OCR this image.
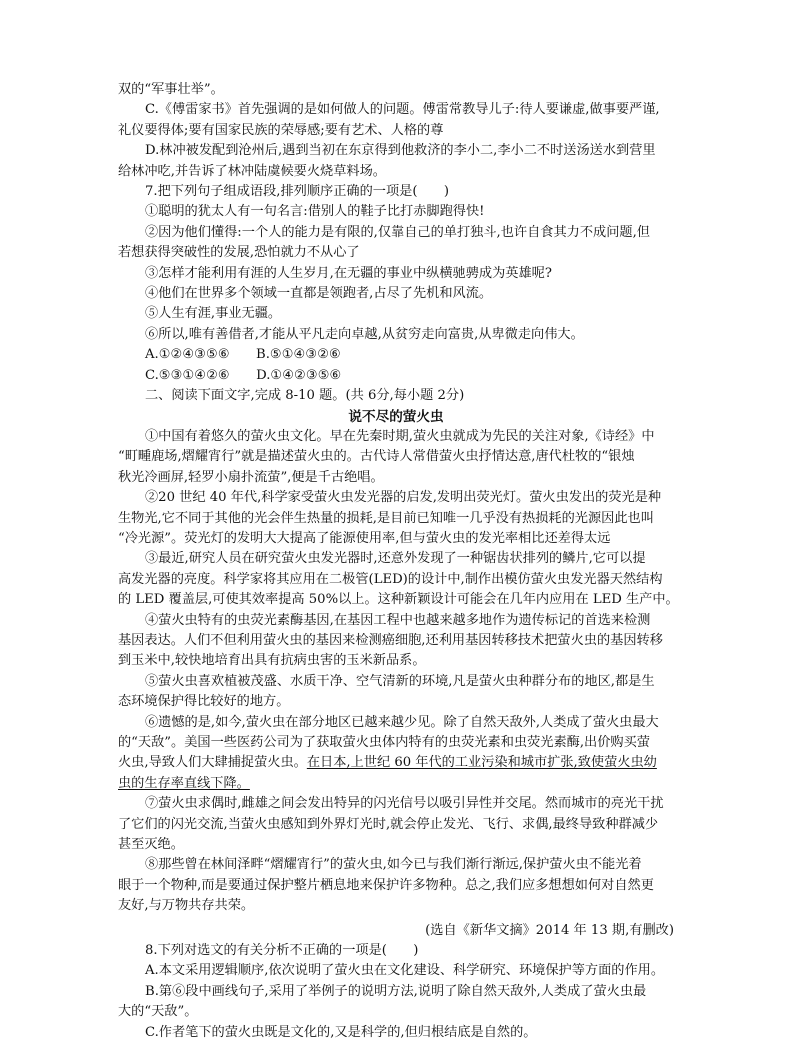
双的“军事壮举”。

C.《傅雷家书》首先强调的是如何做人的问题。傅雷常教导儿子:待人要谦虚,做事要严谨,

礼仪要得体;要有国家民族的荣辱感;要有艺术、人格的尊

D.林冲被发配到沧州后,遇到当初在东京得到他救济的李小二,李小二不时送汤送水到营里

给林冲吃,并告诉了林冲陆虞候要火烧草料场。

7.把下列句子组成语段,排列顺序正确的一项是(　　)

①聪明的犹太人有一句名言:借别人的鞋子比打赤脚跑得快!

②因为他们懂得:一个人的能力是有限的,仅靠自己的单打独斗,也许自食其力不成问题,但

若想获得突破性的发展,恐怕就力不从心了

③怎样才能利用有涯的人生岁月,在无疆的事业中纵横驰骋成为英雄呢?

④他们在世界多个领域一直都是领跑者,占尽了先机和风流。

⑤人生有涯,事业无疆。

⑥所以,唯有善借者,才能从平凡走向卓越,从贫穷走向富贵,从卑微走向伟大。

A.①②④③⑤⑥　　B.⑤①④③②⑥

C.⑤③①④②⑥　　D.①④②③⑤⑥

二、阅读下面文字,完成 8-10 题。(共 6分,每小题 2分)

说不尽的萤火虫

①中国有着悠久的萤火虫文化。早在先秦时期,萤火虫就成为先民的关注对象,《诗经》中

“町畽鹿场,熠耀宵行”就是描述萤火虫的。古代诗人常借萤火虫抒情达意,唐代杜牧的“银烛

秋光冷画屏,轻罗小扇扑流萤”,便是千古绝唱。

②20 世纪 40 年代,科学家受萤火虫发光器的启发,发明出荧光灯。萤火虫发出的荧光是种

生物光,它不同于其他的光会伴生热量的损耗,是目前已知唯一几乎没有热损耗的光源因此也叫

“冷光源”。荧光灯的发明大大提高了能源使用率,但与萤火虫的发光率相比还差得太远

③最近,研究人员在研究萤火虫发光器时,还意外发现了一种锯齿状排列的鳞片,它可以提

高发光器的亮度。科学家将其应用在二极管(LED)的设计中,制作出模仿萤火虫发光器天然结构

的 LED 覆盖层,可使其效率提高 50%以上。这种新颖设计可能会在几年内应用在 LED 生产中。

④萤火虫特有的虫荧光素酶基因,在基因工程中也越来越多地作为遗传标记的首选来检测

基因表达。人们不但利用萤火虫的基因来检测癌细胞,还利用基因转移技术把萤火虫的基因转移

到玉米中,较快地培育出具有抗病虫害的玉米新品系。

⑤萤火虫喜欢植被茂盛、水质干净、空气清新的环境,凡是萤火虫种群分布的地区,都是生

态环境保护得比较好的地方。

⑥遗憾的是,如今,萤火虫在部分地区已越来越少见。除了自然天敌外,人类成了萤火虫最大

的“天敌”。美国一些医药公司为了获取萤火虫体内特有的虫荧光素和虫荧光素酶,出价购买萤

火虫,导致人们大肆捕捉萤火虫。在日本,上世纪 60 年代的工业污染和城市扩张,致使萤火虫幼

虫的生存率直线下降。

⑦萤火虫求偶时,雌雄之间会发出特异的闪光信号以吸引异性并交尾。然而城市的亮光干扰

了它们的闪光交流,当萤火虫感知到外界灯光时,就会停止发光、飞行、求偶,最终导致种群减少

甚至灭绝。

⑧那些曾在林间泽畔“熠耀宵行”的萤火虫,如今已与我们渐行渐远,保护萤火虫不能光着

眼于一个物种,而是要通过保护整片栖息地来保护许多物种。总之,我们应多想想如何对自然更

友好,与万物共存共荣。

(选自《新华文摘》2014 年 13 期,有删改)

8.下列对选文的有关分析不正确的一项是(　　)

A.本文采用逻辑顺序,依次说明了萤火虫在文化建设、科学研究、环境保护等方面的作用。

B.第⑥段中画线句子,采用了举例子的说明方法,说明了除自然天敌外,人类成了萤火虫最

大的“天敌”。

C.作者笔下的萤火虫既是文化的,又是科学的,但归根结底是自然的。
